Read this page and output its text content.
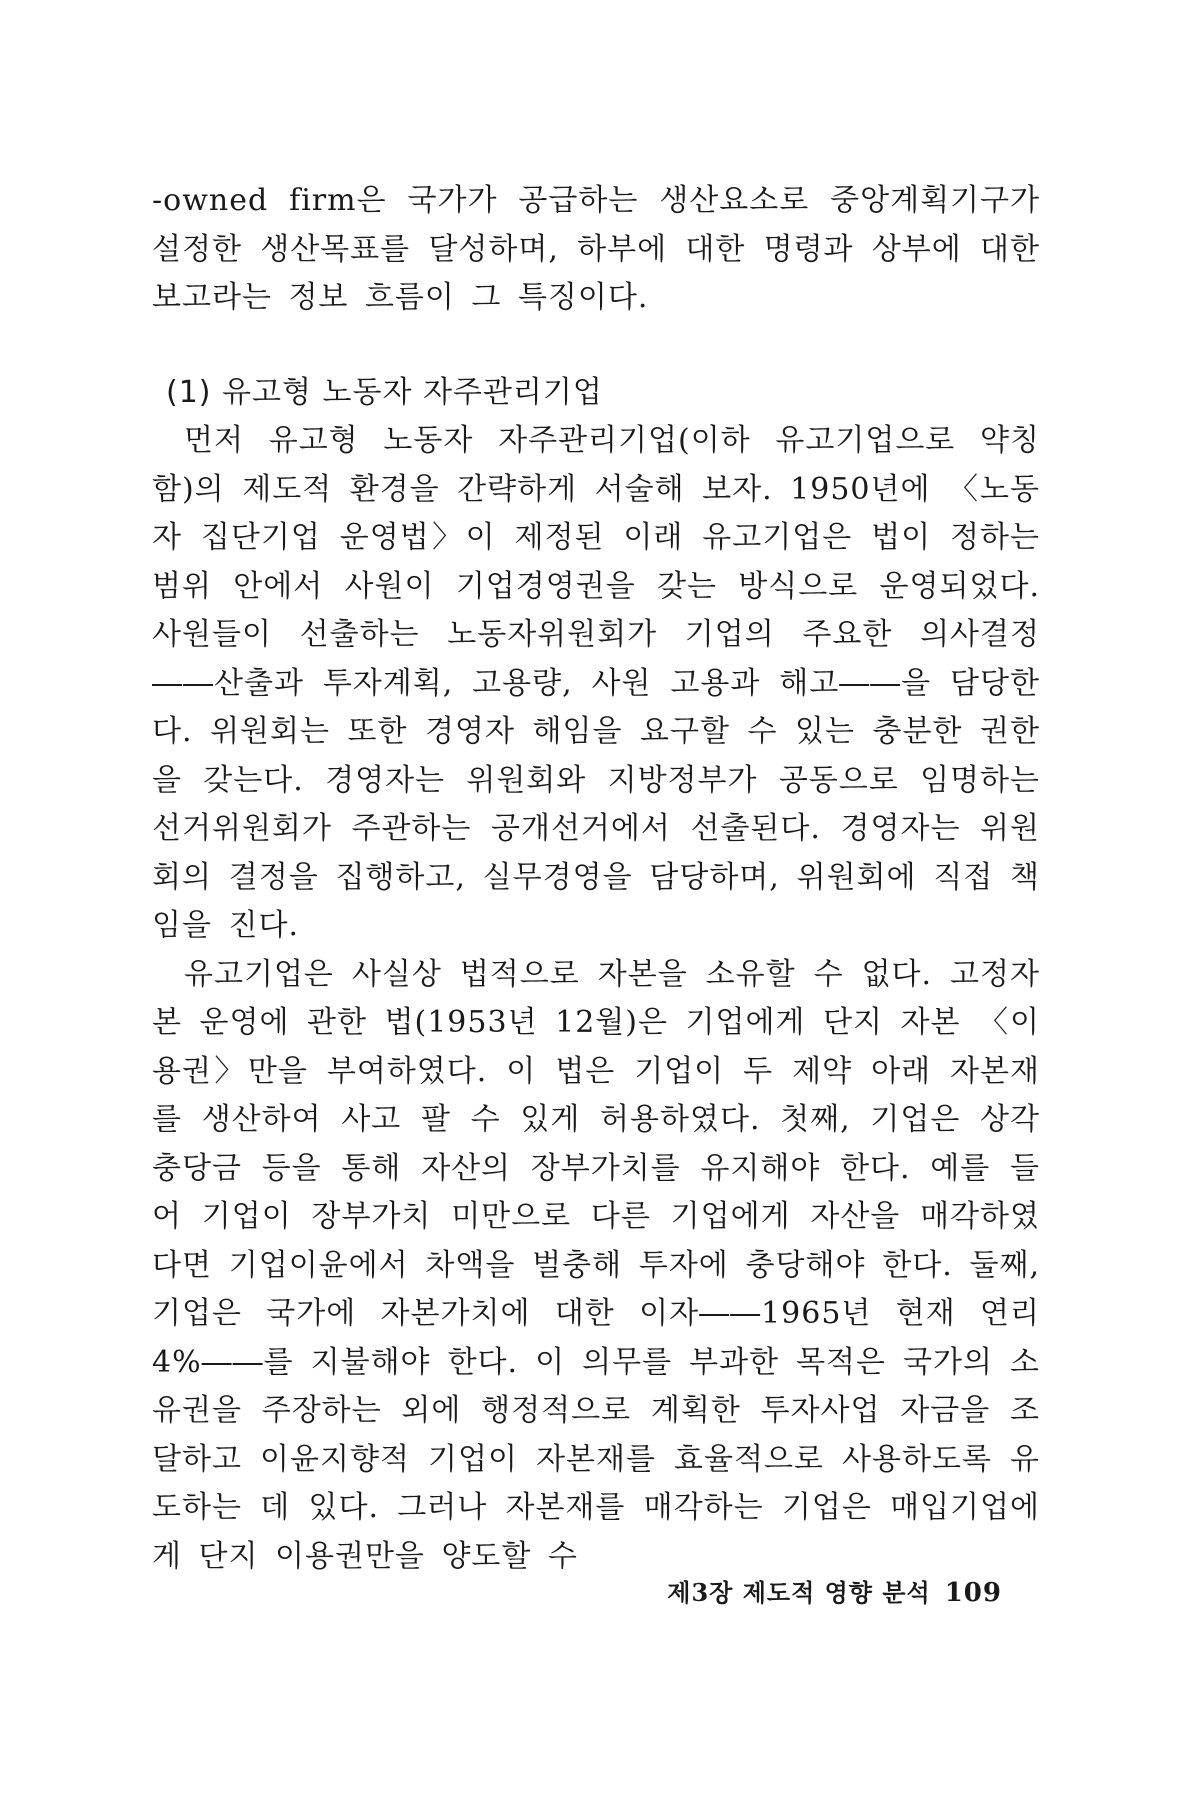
-owned firm은 국가가 공급하는 생산요소로 중앙계획기구가 설정한 생산목표를 달성하며, 하부에 대한 명령과 상부에 대한 보고라는 정보 흐름이 그 특징이다.

(1) 유고형 노동자 자주관리기업

먼저 유고형 노동자 자주관리기업(이하 유고기업으로 약칭함)의 제도적 환경을 간략하게 서술해 보자. 1950년에 〈노동자 집단기업 운영법〉이 제정된 이래 유고기업은 법이 정하는 범위 안에서 사원이 기업경영권을 갖는 방식으로 운영되었다. 사원들이 선출하는 노동자위원회가 기업의 주요한 의사결정 ――산출과 투자계획, 고용량, 사원 고용과 해고――을 담당한다. 위원회는 또한 경영자 해임을 요구할 수 있는 충분한 권한을 갖는다. 경영자는 위원회와 지방정부가 공동으로 임명하는 선거위원회가 주관하는 공개선거에서 선출된다. 경영자는 위원회의 결정을 집행하고, 실무경영을 담당하며, 위원회에 직접 책임을 진다.

유고기업은 사실상 법적으로 자본을 소유할 수 없다. 고정자본 운영에 관한 법(1953년 12월)은 기업에게 단지 자본 〈이용권〉만을 부여하였다. 이 법은 기업이 두 제약 아래 자본재를 생산하여 사고 팔 수 있게 허용하였다. 첫째, 기업은 상각충당금 등을 통해 자산의 장부가치를 유지해야 한다. 예를 들어 기업이 장부가치 미만으로 다른 기업에게 자산을 매각하였다면 기업이윤에서 차액을 벌충해 투자에 충당해야 한다. 둘째, 기업은 국가에 자본가치에 대한 이자――1965년 현재 연리 4%――를 지불해야 한다. 이 의무를 부과한 목적은 국가의 소유권을 주장하는 외에 행정적으로 계획한 투자사업 자금을 조달하고 이윤지향적 기업이 자본재를 효율적으로 사용하도록 유도하는 데 있다. 그러나 자본재를 매각하는 기업은 매입기업에게 단지 이용권만을 양도할 수

제3장 제도적 영향 분석 109
